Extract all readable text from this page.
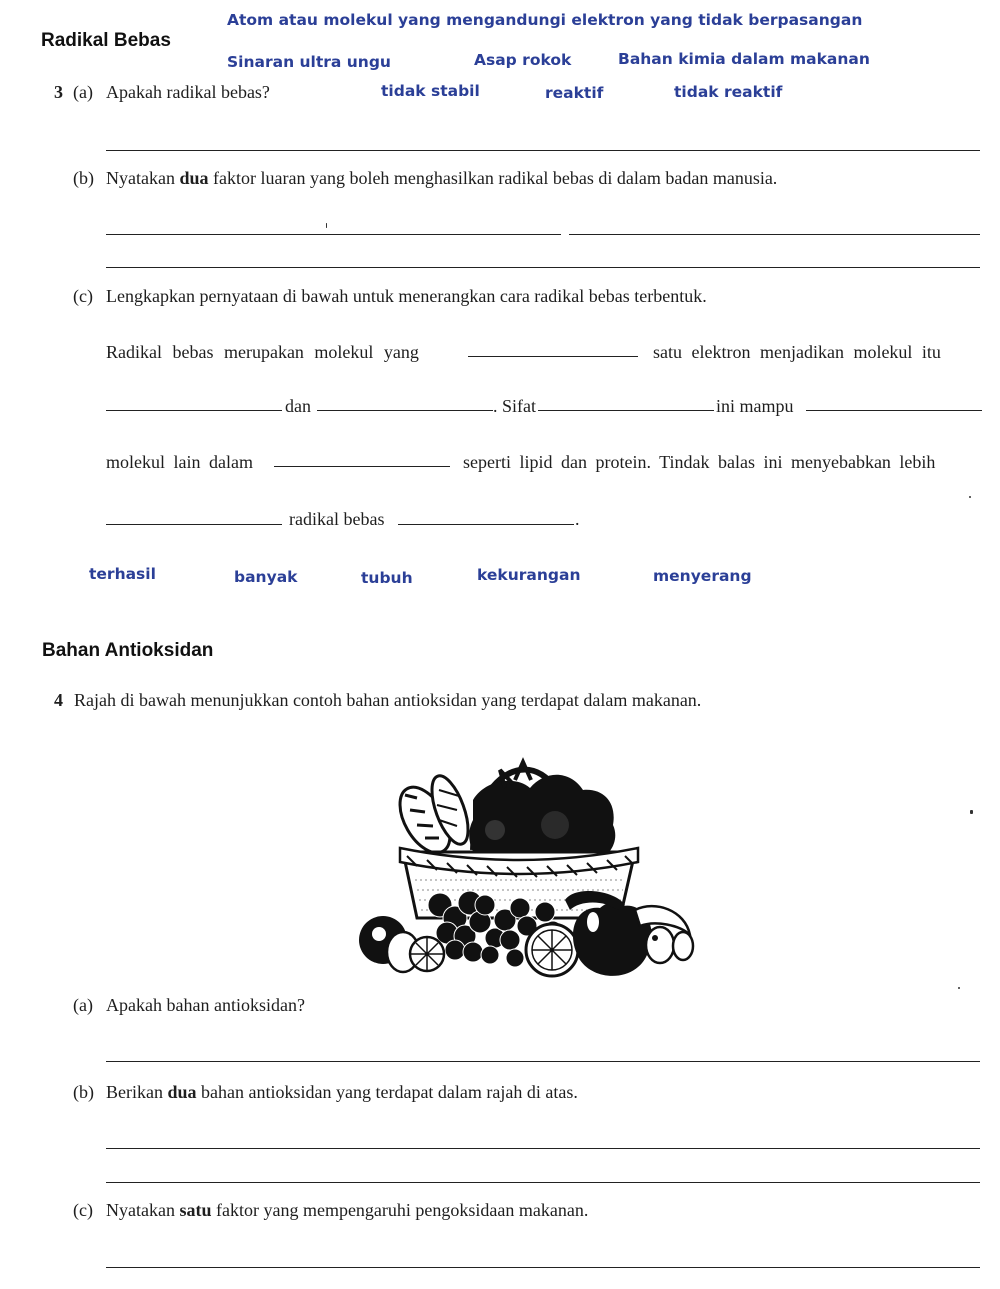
Atom atau molekul yang mengandungi elektron yang tidak berpasangan
Sinaran ultra ungu	Asap rokok	Bahan kimia dalam makanan
tidak stabil	reaktif	tidak reaktif
Radikal Bebas
3 (a) Apakah radikal bebas?
(b) Nyatakan dua faktor luaran yang boleh menghasilkan radikal bebas di dalam badan manusia.
(c) Lengkapkan pernyataan di bawah untuk menerangkan cara radikal bebas terbentuk.
Radikal bebas merupakan molekul yang	satu elektron menjadikan molekul itu
dan	. Sifat	ini mampu
molekul lain dalam	seperti lipid dan protein. Tindak balas ini menyebabkan lebih
radikal bebas	.
terhasil	banyak	tubuh	kekurangan	menyerang
Bahan Antioksidan
4 Rajah di bawah menunjukkan contoh bahan antioksidan yang terdapat dalam makanan.
(a) Apakah bahan antioksidan?
(b) Berikan dua bahan antioksidan yang terdapat dalam rajah di atas.
(c) Nyatakan satu faktor yang mempengaruhi pengoksidaan makanan.
